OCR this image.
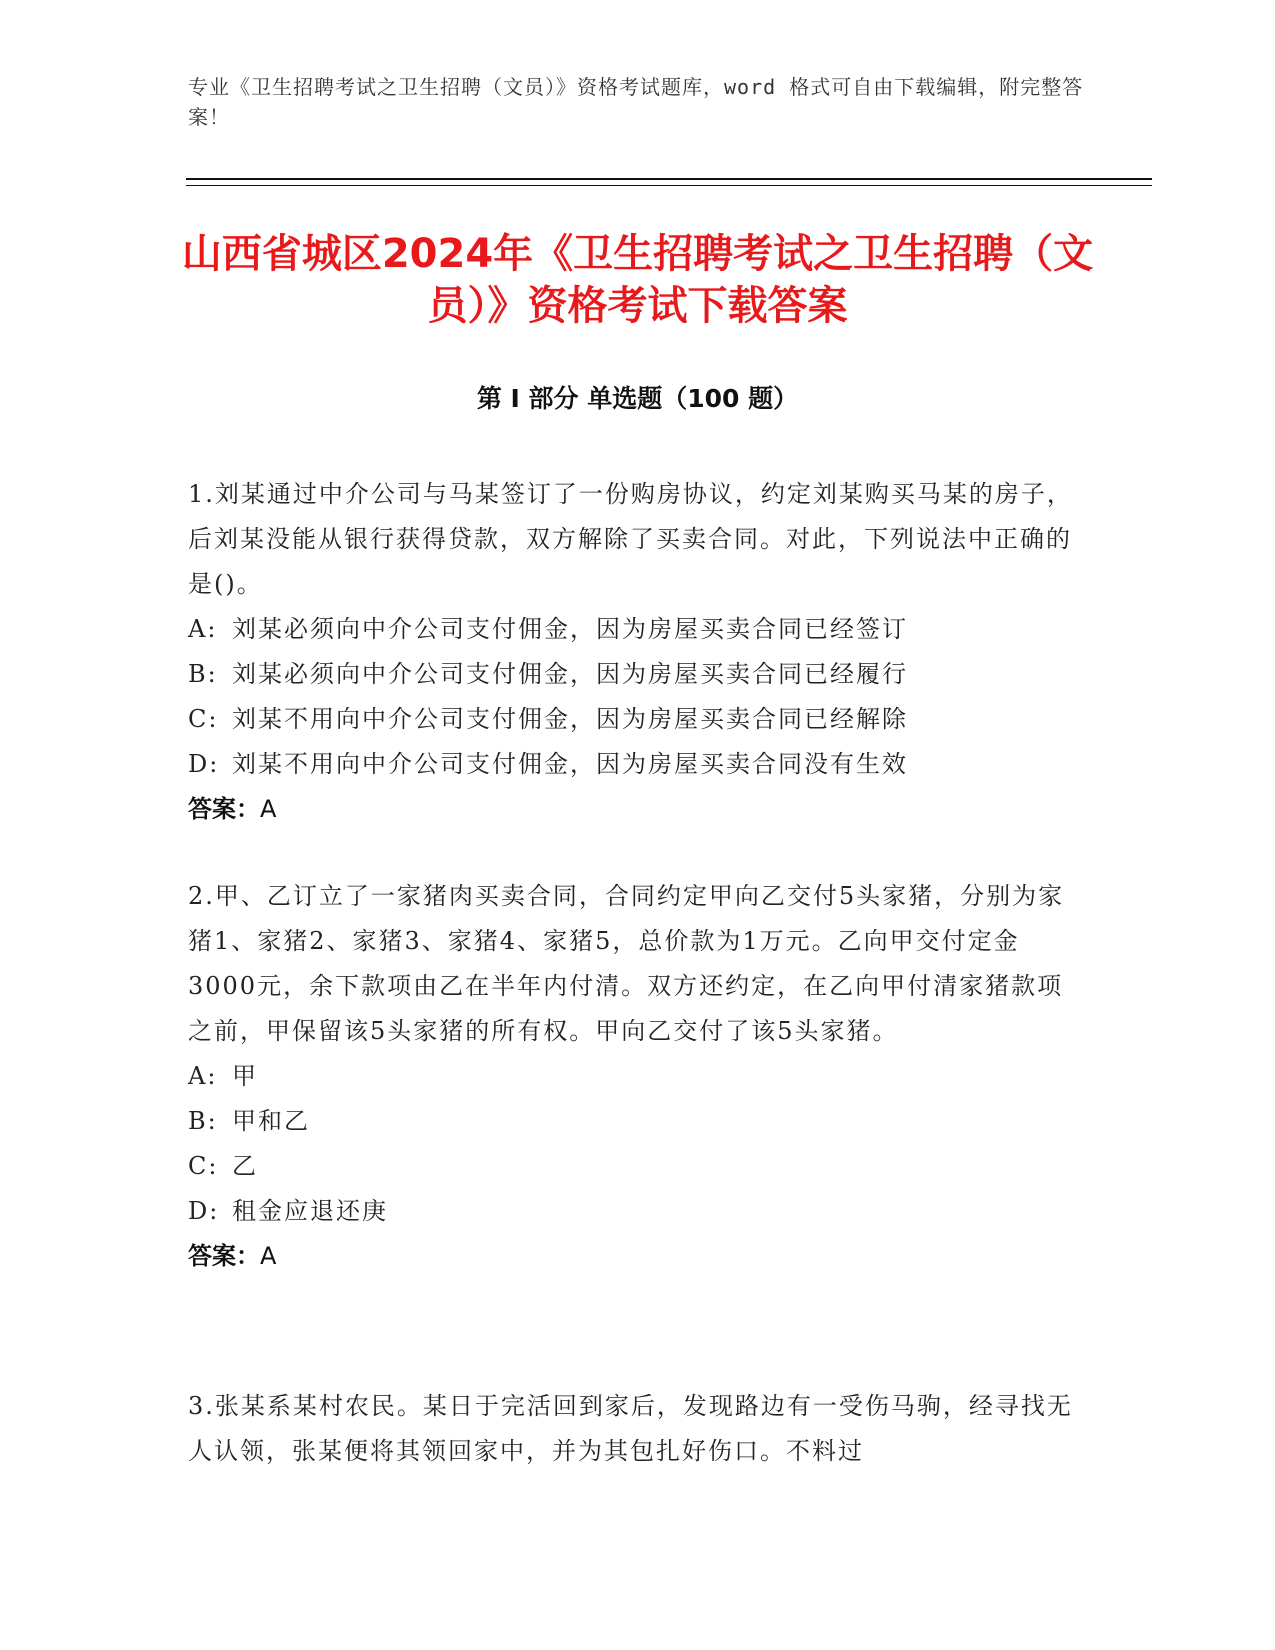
专业《卫生招聘考试之卫生招聘（文员）》资格考试题库，word 格式可自由下载编辑，附完整答案！
山西省城区2024年《卫生招聘考试之卫生招聘（文员）》资格考试下载答案
第 I 部分 单选题（100 题）
1.刘某通过中介公司与马某签订了一份购房协议，约定刘某购买马某的房子，后刘某没能从银行获得贷款，双方解除了买卖合同。对此，下列说法中正确的是()。
A: 刘某必须向中介公司支付佣金，因为房屋买卖合同已经签订
B: 刘某必须向中介公司支付佣金，因为房屋买卖合同已经履行
C: 刘某不用向中介公司支付佣金，因为房屋买卖合同已经解除
D: 刘某不用向中介公司支付佣金，因为房屋买卖合同没有生效
答案：A
2.甲、乙订立了一家猪肉买卖合同，合同约定甲向乙交付5头家猪，分别为家猪1、家猪2、家猪3、家猪4、家猪5，总价款为1万元。乙向甲交付定金3000元，余下款项由乙在半年内付清。双方还约定，在乙向甲付清家猪款项之前，甲保留该5头家猪的所有权。甲向乙交付了该5头家猪。
A: 甲
B: 甲和乙
C: 乙
D: 租金应退还庚
答案：A
3.张某系某村农民。某日于完活回到家后，发现路边有一受伤马驹，经寻找无人认领，张某便将其领回家中，并为其包扎好伤口。不料过
